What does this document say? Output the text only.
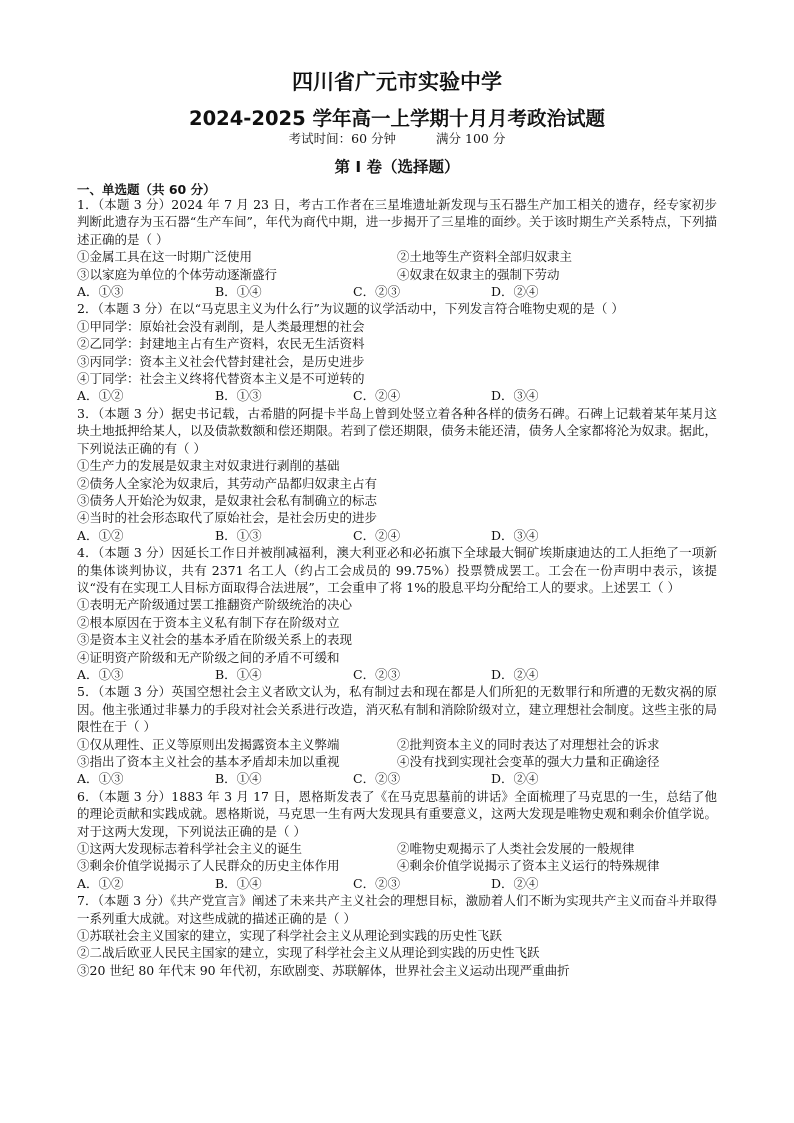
四川省广元市实验中学
2024-2025 学年高一上学期十月月考政治试题
考试时间：60 分钟	满分 100 分
第 I 卷（选择题）
一、单选题（共 60 分）

1．（本题 3 分）2024 年 7 月 23 日，考古工作者在三星堆遗址新发现与玉石器生产加工相关的遗存，经专家初步判断此遗存为玉石器“生产车间”，年代为商代中期，进一步揭开了三星堆的面纱。关于该时期生产关系特点，下列描述正确的是（ ）

①金属工具在这一时期广泛使用	②土地等生产资料全部归奴隶主

③以家庭为单位的个体劳动逐渐盛行	④奴隶在奴隶主的强制下劳动

A．①③	B．①④	C．②③	D．②④

2．（本题 3 分）在以“马克思主义为什么行”为议题的议学活动中，下列发言符合唯物史观的是（ ）

①甲同学：原始社会没有剥削，是人类最理想的社会

②乙同学：封建地主占有生产资料，农民无生活资料

③丙同学：资本主义社会代替封建社会，是历史进步

④丁同学：社会主义终将代替资本主义是不可逆转的

A．①②	B．①③	C．②④	D．③④

3．（本题 3 分）据史书记载，古希腊的阿提卡半岛上曾到处竖立着各种各样的债务石碑。石碑上记载着某年某月这块土地抵押给某人，以及债款数额和偿还期限。若到了偿还期限，债务未能还清，债务人全家都将沦为奴隶。据此，下列说法正确的有（ ）

①生产力的发展是奴隶主对奴隶进行剥削的基础

②债务人全家沦为奴隶后，其劳动产品都归奴隶主占有

③债务人开始沦为奴隶，是奴隶社会私有制确立的标志

④当时的社会形态取代了原始社会，是社会历史的进步

A．①②	B．①③	C．②④	D．③④

4．（本题 3 分）因延长工作日并被削减福利，澳大利亚必和必拓旗下全球最大铜矿埃斯康迪达的工人拒绝了一项新的集体谈判协议，共有 2371 名工人（约占工会成员的 99.75%）投票赞成罢工。工会在一份声明中表示，该提议“没有在实现工人目标方面取得合法进展”，工会重申了将 1%的股息平均分配给工人的要求。上述罢工（ ）

①表明无产阶级通过罢工推翻资产阶级统治的决心

②根本原因在于资本主义私有制下存在阶级对立

③是资本主义社会的基本矛盾在阶级关系上的表现

④证明资产阶级和无产阶级之间的矛盾不可缓和

A．①③	B．①④	C．②③	D．②④

5．（本题 3 分）英国空想社会主义者欧文认为，私有制过去和现在都是人们所犯的无数罪行和所遭的无数灾祸的原因。他主张通过非暴力的手段对社会关系进行改造，消灭私有制和消除阶级对立，建立理想社会制度。这些主张的局限性在于（ ）

①仅从理性、正义等原则出发揭露资本主义弊端	②批判资本主义的同时表达了对理想社会的诉求

③指出了资本主义社会的基本矛盾却未加以重视	④没有找到实现社会变革的强大力量和正确途径

A．①③	B．①④	C．②③	D．②④

6．（本题 3 分）1883 年 3 月 17 日，恩格斯发表了《在马克思墓前的讲话》全面梳理了马克思的一生，总结了他的理论贡献和实践成就。恩格斯说，马克思一生有两大发现具有重要意义，这两大发现是唯物史观和剩余价值学说。对于这两大发现，下列说法正确的是（ ）

①这两大发现标志着科学社会主义的诞生	②唯物史观揭示了人类社会发展的一般规律

③剩余价值学说揭示了人民群众的历史主体作用	④剩余价值学说揭示了资本主义运行的特殊规律

A．①②	B．①④	C．②③	D．②④

7．（本题 3 分）《共产党宣言》阐述了未来共产主义社会的理想目标，激励着人们不断为实现共产主义而奋斗并取得一系列重大成就。对这些成就的描述正确的是（ ）

①苏联社会主义国家的建立，实现了科学社会主义从理论到实践的历史性飞跃

②二战后欧亚人民民主国家的建立，实现了科学社会主义从理论到实践的历史性飞跃

③20 世纪 80 年代末 90 年代初，东欧剧变、苏联解体，世界社会主义运动出现严重曲折
